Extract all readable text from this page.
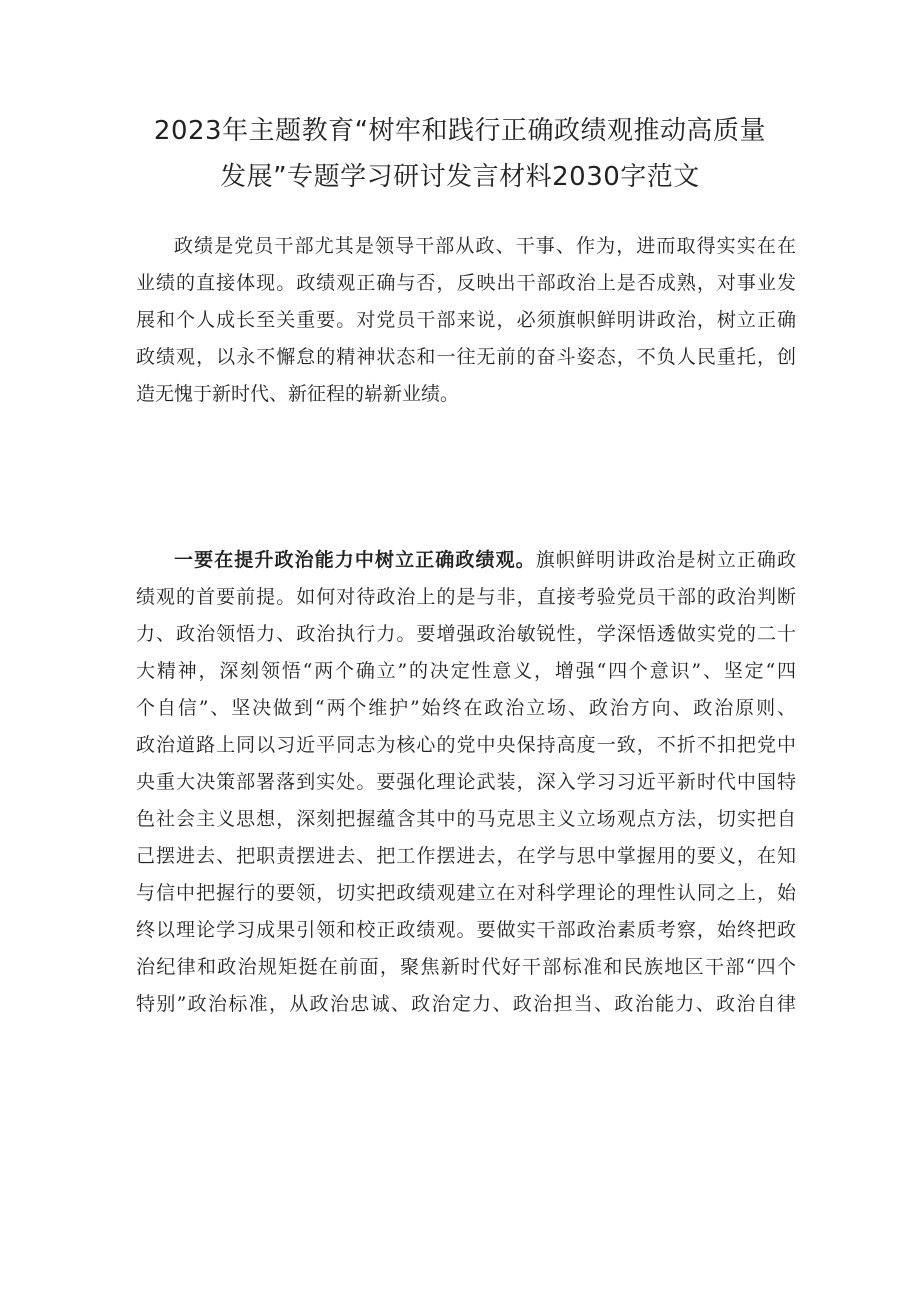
2023年主题教育“树牢和践行正确政绩观推动高质量
发展”专题学习研讨发言材料2030字范文
政绩是党员干部尤其是领导干部从政、干事、作为，进而取得实实在在
业绩的直接体现。政绩观正确与否，反映出干部政治上是否成熟，对事业发
展和个人成长至关重要。对党员干部来说，必须旗帜鲜明讲政治，树立正确
政绩观，以永不懈怠的精神状态和一往无前的奋斗姿态，不负人民重托，创
造无愧于新时代、新征程的崭新业绩。
一要在提升政治能力中树立正确政绩观。旗帜鲜明讲政治是树立正确政
绩观的首要前提。如何对待政治上的是与非，直接考验党员干部的政治判断
力、政治领悟力、政治执行力。要增强政治敏锐性，学深悟透做实党的二十
大精神，深刻领悟“两个确立”的决定性意义，增强“四个意识”、坚定“四
个自信”、坚决做到“两个维护”始终在政治立场、政治方向、政治原则、
政治道路上同以习近平同志为核心的党中央保持高度一致，不折不扣把党中
央重大决策部署落到实处。要强化理论武装，深入学习习近平新时代中国特
色社会主义思想，深刻把握蕴含其中的马克思主义立场观点方法，切实把自
己摆进去、把职责摆进去、把工作摆进去，在学与思中掌握用的要义，在知
与信中把握行的要领，切实把政绩观建立在对科学理论的理性认同之上，始
终以理论学习成果引领和校正政绩观。要做实干部政治素质考察，始终把政
治纪律和政治规矩挺在前面，聚焦新时代好干部标准和民族地区干部“四个
特别”政治标准，从政治忠诚、政治定力、政治担当、政治能力、政治自律
